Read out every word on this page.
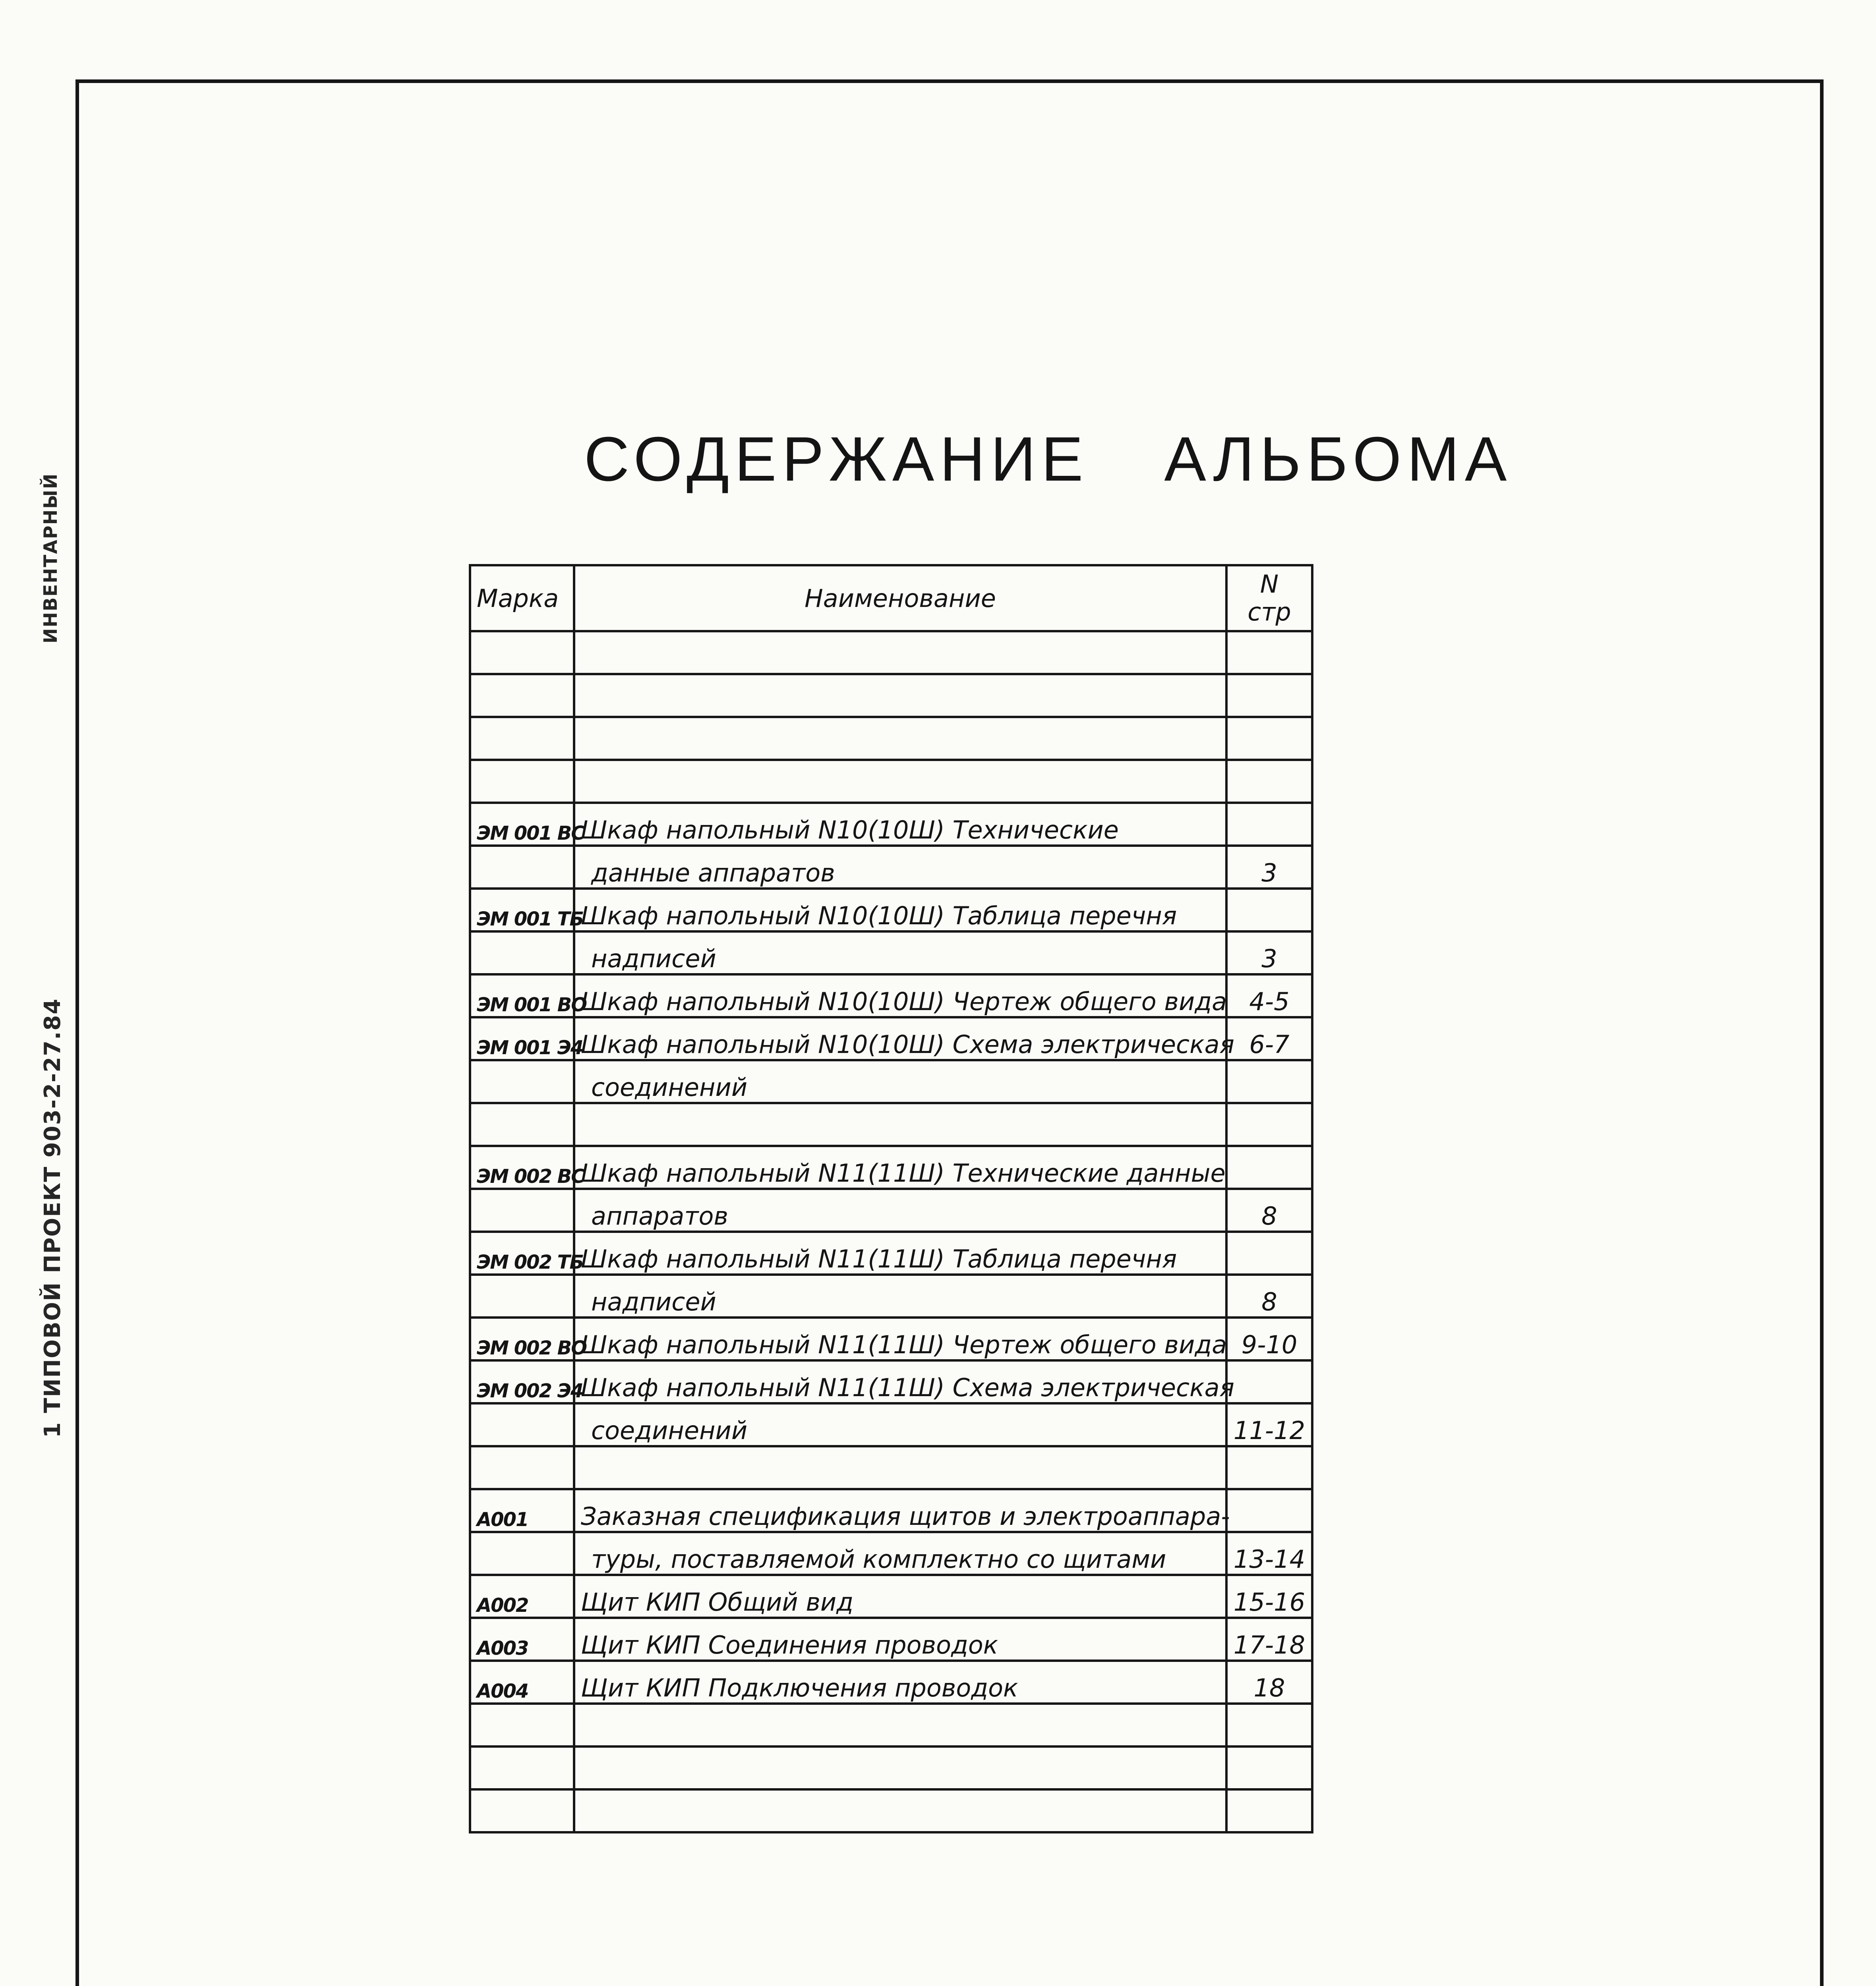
1 ТИПОВОЙ ПРОЕКТ 903-2-27.84
ИНВЕНТАРНЫЙ
СОДЕРЖАНИЕ АЛЬБОМА
Марка	Наименование	N
стр

ЭМ 001 ВС	Шкаф напольный N10(10Ш) Технические	
	данные аппаратов	3
ЭМ 001 ТБ	Шкаф напольный N10(10Ш) Таблица перечня	
	надписей	3
ЭМ 001 ВО	Шкаф напольный N10(10Ш) Чертеж общего вида	4-5
ЭМ 001 Э4	Шкаф напольный N10(10Ш) Схема электрическая	6-7
	соединений	

ЭМ 002 ВС	Шкаф напольный N11(11Ш) Технические данные	
	аппаратов	8
ЭМ 002 ТБ	Шкаф напольный N11(11Ш) Таблица перечня	
	надписей	8
ЭМ 002 ВО	Шкаф напольный N11(11Ш) Чертеж общего вида	9-10
ЭМ 002 Э4	Шкаф напольный N11(11Ш) Схема электрическая	
	соединений	11-12

А001	Заказная спецификация щитов и электроаппара-	
	туры, поставляемой комплектно со щитами	13-14
А002	Щит КИП Общий вид	15-16
А003	Щит КИП Соединения проводок	17-18
А004	Щит КИП Подключения проводок	18
